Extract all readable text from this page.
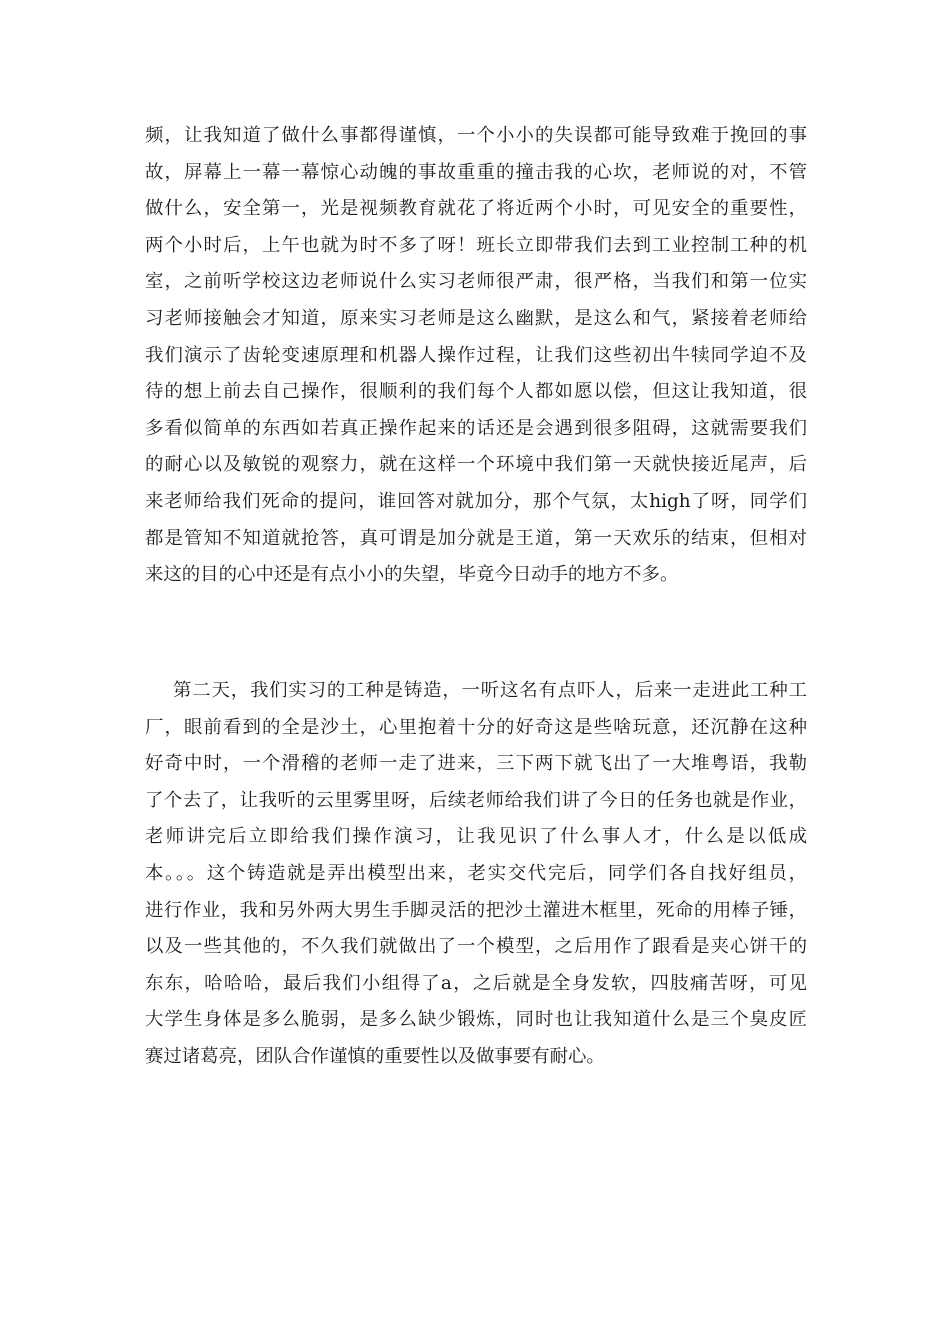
频，让我知道了做什么事都得谨慎，一个小小的失误都可能导致难于挽回的事
故，屏幕上一幕一幕惊心动魄的事故重重的撞击我的心坎，老师说的对，不管
做什么，安全第一，光是视频教育就花了将近两个小时，可见安全的重要性，
两个小时后，上午也就为时不多了呀！班长立即带我们去到工业控制工种的机
室，之前听学校这边老师说什么实习老师很严肃，很严格，当我们和第一位实
习老师接触会才知道，原来实习老师是这么幽默，是这么和气，紧接着老师给
我们演示了齿轮变速原理和机器人操作过程，让我们这些初出牛犊同学迫不及
待的想上前去自己操作，很顺利的我们每个人都如愿以偿，但这让我知道，很
多看似简单的东西如若真正操作起来的话还是会遇到很多阻碍，这就需要我们
的耐心以及敏锐的观察力，就在这样一个环境中我们第一天就快接近尾声，后
来老师给我们死命的提问，谁回答对就加分，那个气氛，太high了呀，同学们
都是管知不知道就抢答，真可谓是加分就是王道，第一天欢乐的结束，但相对
来这的目的心中还是有点小小的失望，毕竟今日动手的地方不多。
第二天，我们实习的工种是铸造，一听这名有点吓人，后来一走进此工种工
厂，眼前看到的全是沙土，心里抱着十分的好奇这是些啥玩意，还沉静在这种
好奇中时，一个滑稽的老师一走了进来，三下两下就飞出了一大堆粤语，我勒
了个去了，让我听的云里雾里呀，后续老师给我们讲了今日的任务也就是作业，
老师讲完后立即给我们操作演习，让我见识了什么事人才，什么是以低成
本。。。这个铸造就是弄出模型出来，老实交代完后，同学们各自找好组员，
进行作业，我和另外两大男生手脚灵活的把沙土灌进木框里，死命的用棒子锤，
以及一些其他的，不久我们就做出了一个模型，之后用作了跟看是夹心饼干的
东东，哈哈哈，最后我们小组得了a，之后就是全身发软，四肢痛苦呀，可见
大学生身体是多么脆弱，是多么缺少锻炼，同时也让我知道什么是三个臭皮匠
赛过诸葛亮，团队合作谨慎的重要性以及做事要有耐心。
